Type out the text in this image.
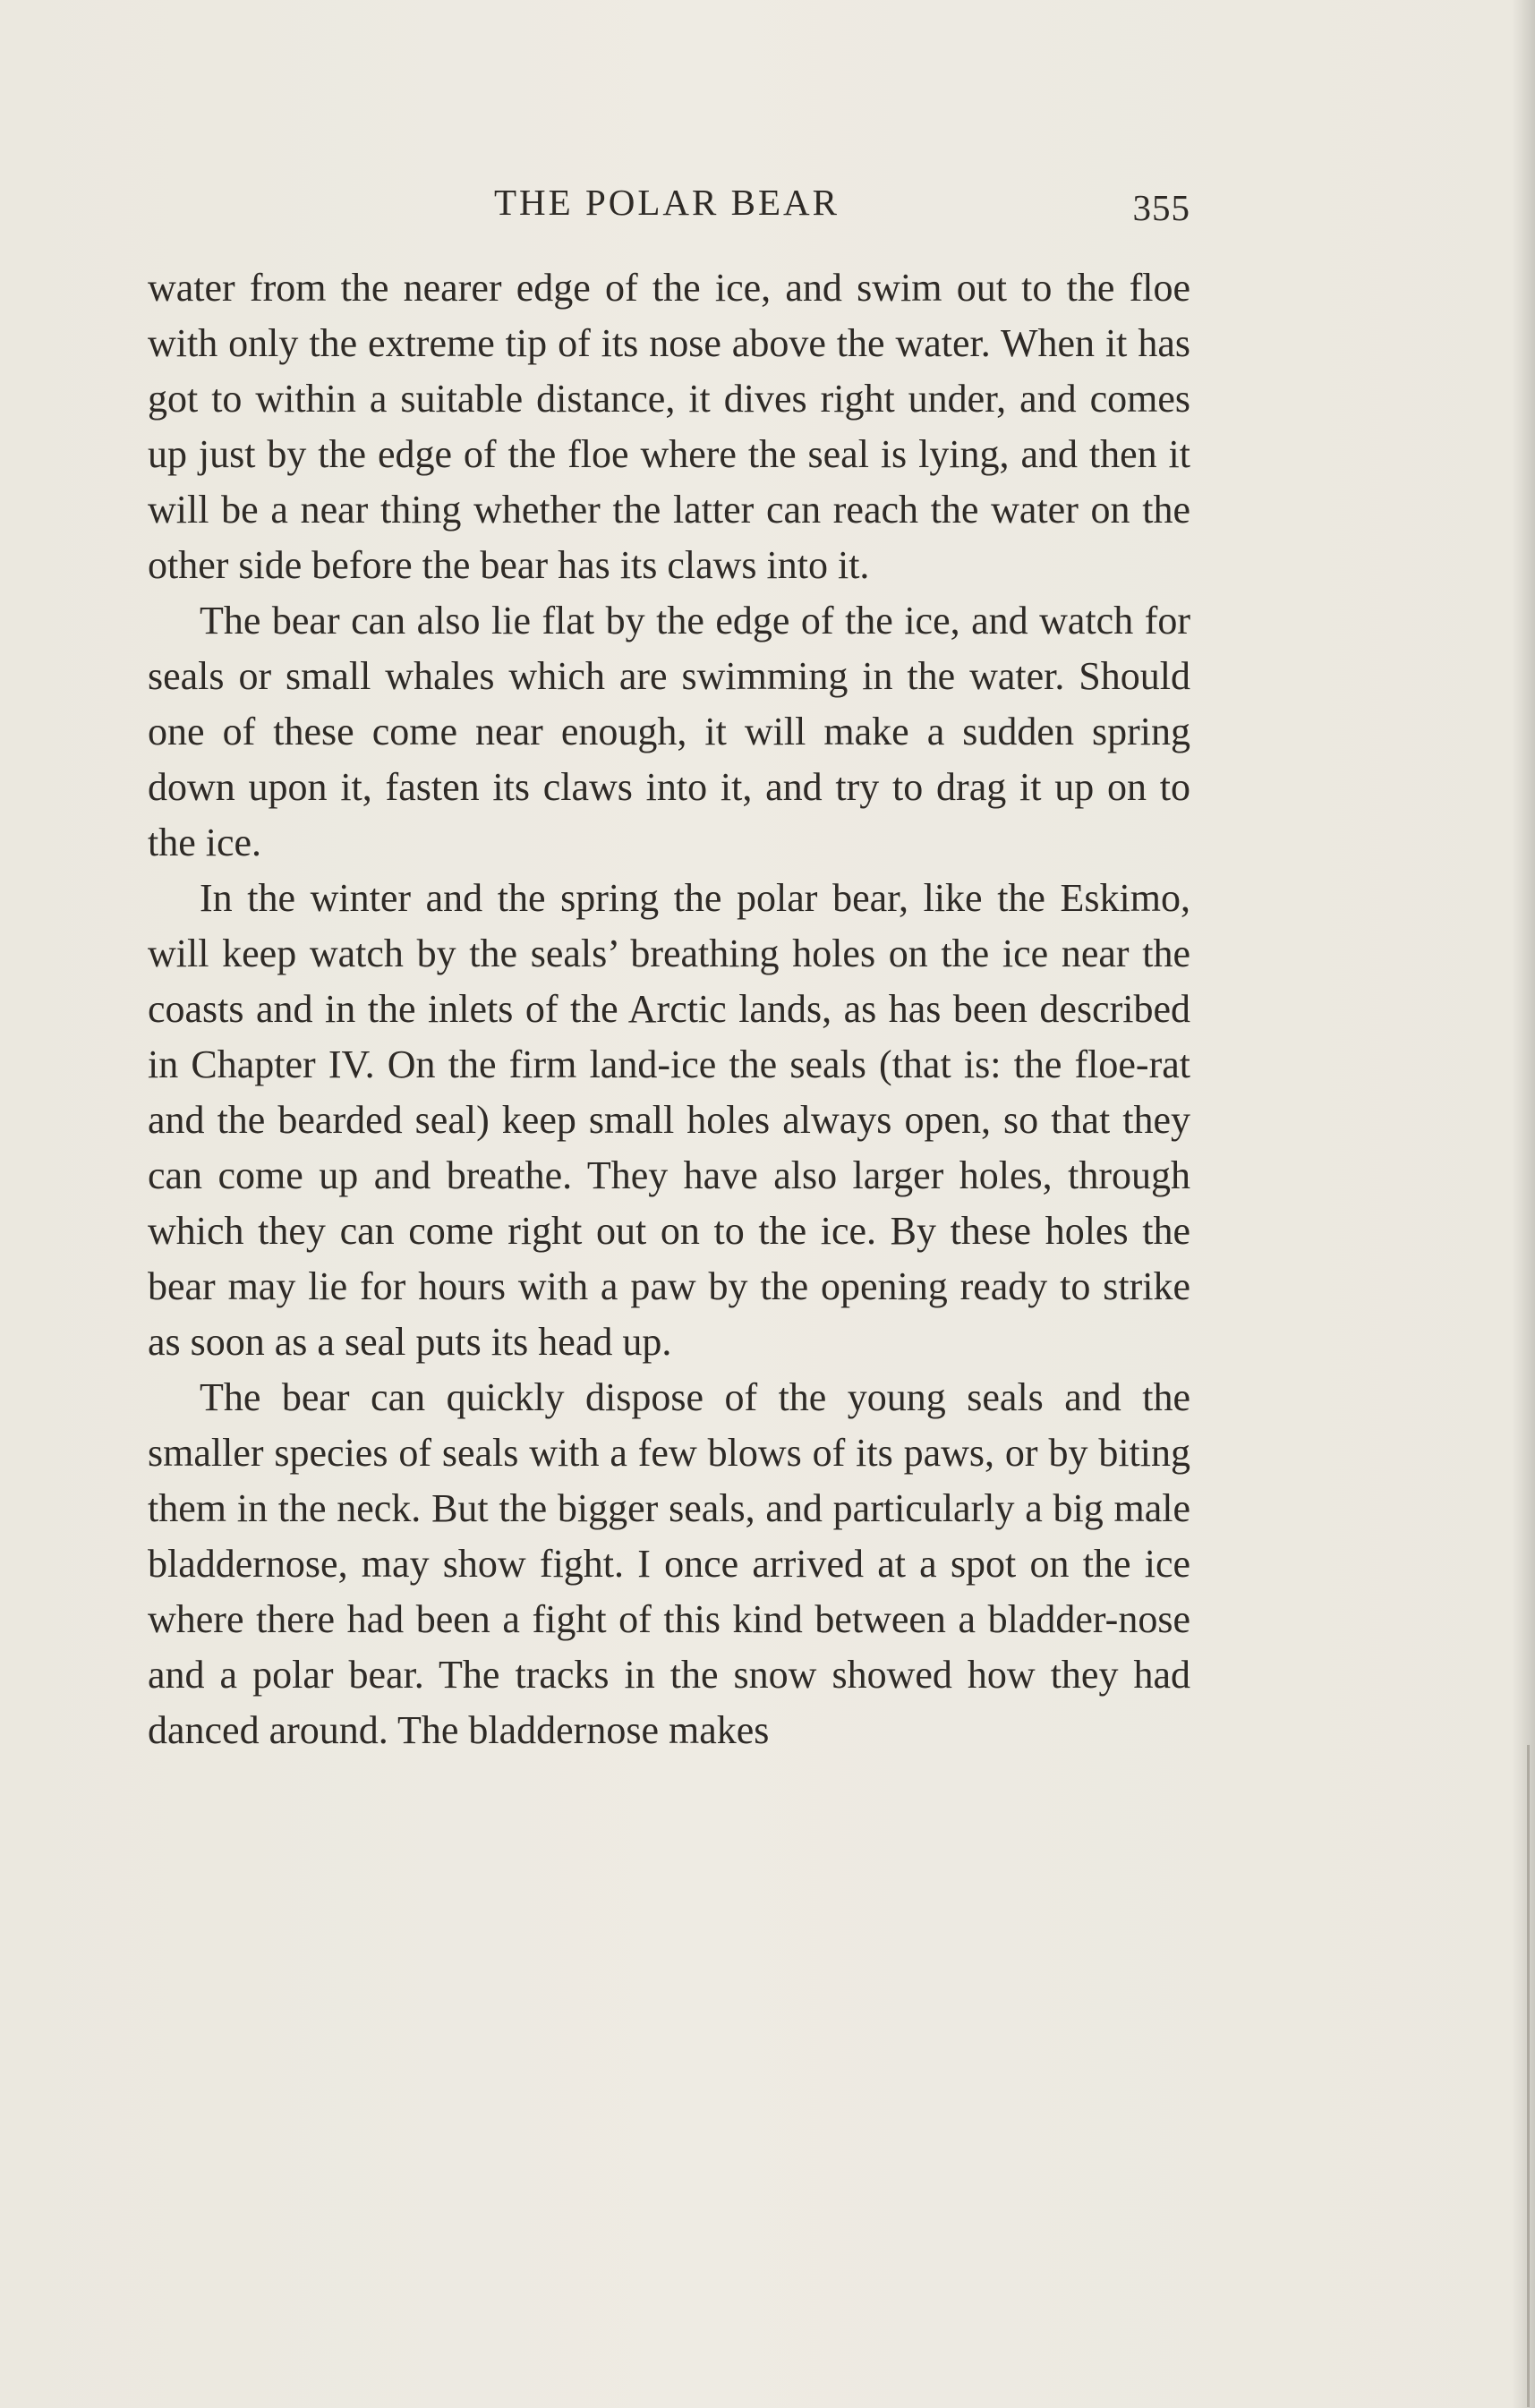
THE POLAR BEAR	355

water from the nearer edge of the ice, and swim out to the floe with only the extreme tip of its nose above the water. When it has got to within a suitable distance, it dives right under, and comes up just by the edge of the floe where the seal is lying, and then it will be a near thing whether the latter can reach the water on the other side before the bear has its claws into it.

The bear can also lie flat by the edge of the ice, and watch for seals or small whales which are swimming in the water. Should one of these come near enough, it will make a sudden spring down upon it, fasten its claws into it, and try to drag it up on to the ice.

In the winter and the spring the polar bear, like the Eskimo, will keep watch by the seals’ breathing holes on the ice near the coasts and in the inlets of the Arctic lands, as has been described in Chapter IV. On the firm land-ice the seals (that is: the floe-rat and the bearded seal) keep small holes always open, so that they can come up and breathe. They have also larger holes, through which they can come right out on to the ice. By these holes the bear may lie for hours with a paw by the opening ready to strike as soon as a seal puts its head up.

The bear can quickly dispose of the young seals and the smaller species of seals with a few blows of its paws, or by biting them in the neck. But the bigger seals, and particularly a big male bladdernose, may show fight. I once arrived at a spot on the ice where there had been a fight of this kind between a bladder-nose and a polar bear. The tracks in the snow showed how they had danced around. The bladdernose makes
